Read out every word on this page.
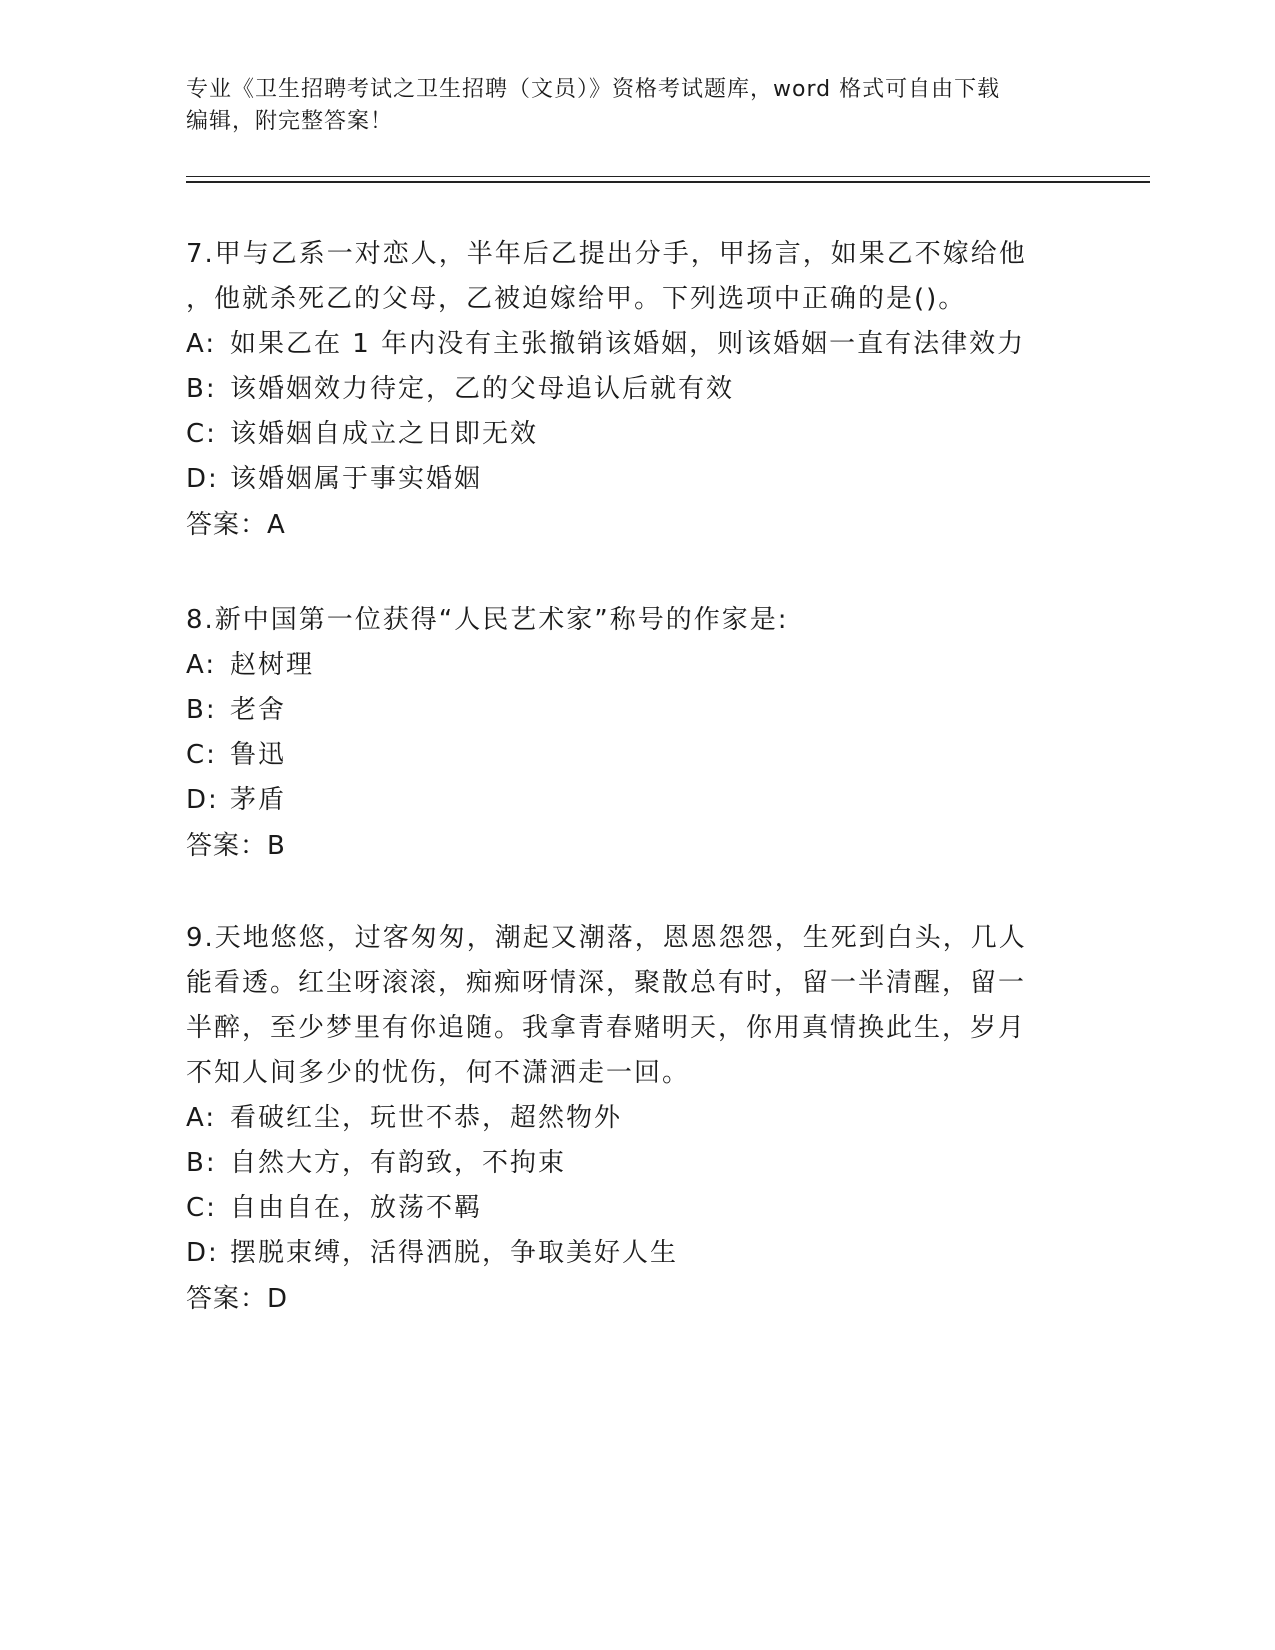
专业《卫生招聘考试之卫生招聘（文员）》资格考试题库，word 格式可自由下载
编辑，附完整答案！
7.甲与乙系一对恋人，半年后乙提出分手，甲扬言，如果乙不嫁给他
，他就杀死乙的父母，乙被迫嫁给甲。下列选项中正确的是()。
A: 如果乙在 1 年内没有主张撤销该婚姻，则该婚姻一直有法律效力
B: 该婚姻效力待定，乙的父母追认后就有效
C: 该婚姻自成立之日即无效
D: 该婚姻属于事实婚姻
答案：A
8.新中国第一位获得“人民艺术家”称号的作家是:
A: 赵树理
B: 老舍
C: 鲁迅
D: 茅盾
答案：B
9.天地悠悠，过客匆匆，潮起又潮落，恩恩怨怨，生死到白头，几人
能看透。红尘呀滚滚，痴痴呀情深，聚散总有时，留一半清醒，留一
半醉，至少梦里有你追随。我拿青春赌明天，你用真情换此生，岁月
不知人间多少的忧伤，何不潇洒走一回。
A: 看破红尘，玩世不恭，超然物外
B: 自然大方，有韵致，不拘束
C: 自由自在，放荡不羁
D: 摆脱束缚，活得洒脱，争取美好人生
答案：D
